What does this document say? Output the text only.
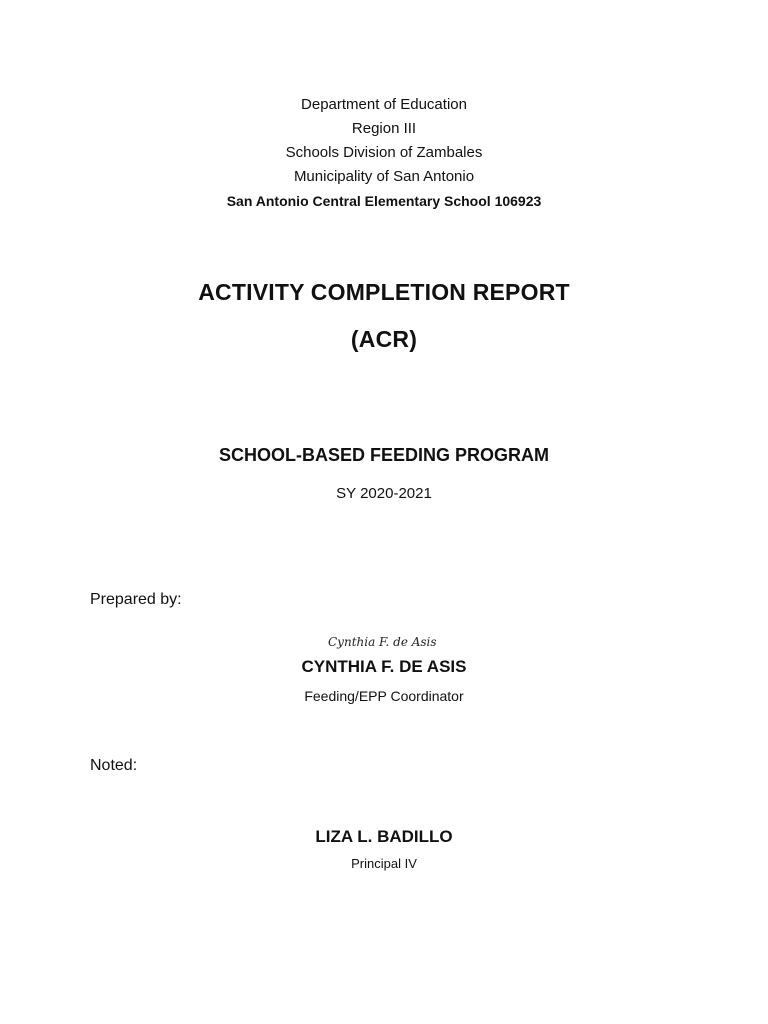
Department of Education
Region III
Schools Division of Zambales
Municipality of San Antonio
San Antonio Central Elementary School 106923
ACTIVITY COMPLETION REPORT
(ACR)
SCHOOL-BASED FEEDING PROGRAM
SY 2020-2021
Prepared by:
Cynthia F. de Asis
CYNTHIA F. DE ASIS
Feeding/EPP Coordinator
Noted:
LIZA L. BADILLO
Principal IV
